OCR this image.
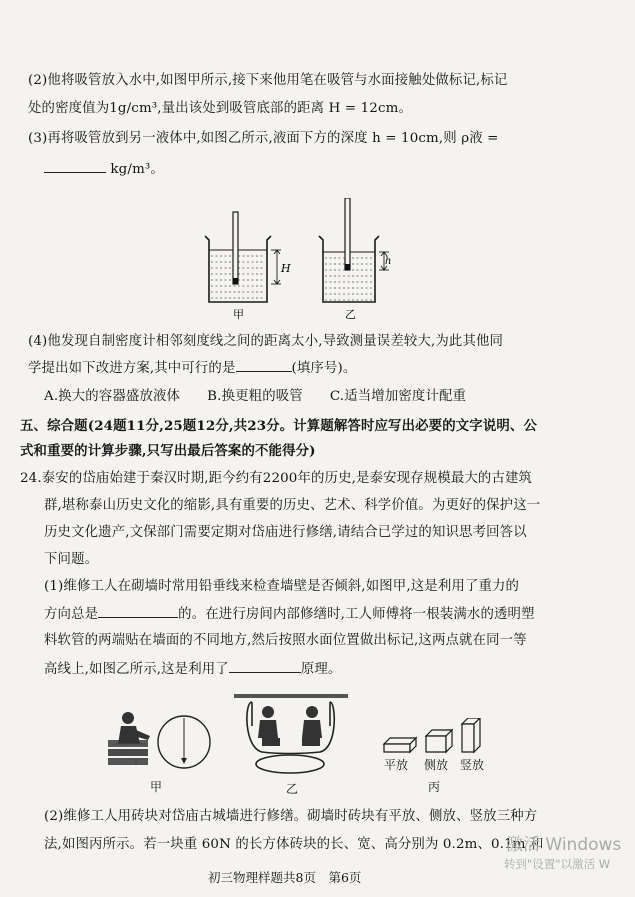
(2)他将吸管放入水中,如图甲所示,接下来他用笔在吸管与水面接触处做标记,标记
处的密度值为1g/cm³,量出该处到吸管底部的距离 H = 12cm。
(3)再将吸管放到另一液体中,如图乙所示,液面下方的深度 h = 10cm,则 ρ液 =
kg/m³。
H
甲
h
乙
(4)他发现自制密度计相邻刻度线之间的距离太小,导致测量误差较大,为此其他同
学提出如下改进方案,其中可行的是	(填序号)。
A.换大的容器盛放液体　　B.换更粗的吸管　　C.适当增加密度计配重
五、综合题(24题11分,25题12分,共23分。计算题解答时应写出必要的文字说明、公
式和重要的计算步骤,只写出最后答案的不能得分)
24.泰安的岱庙始建于秦汉时期,距今约有2200年的历史,是泰安现存规模最大的古建筑
群,堪称泰山历史文化的缩影,具有重要的历史、艺术、科学价值。为更好的保护这一
历史文化遗产,文保部门需要定期对岱庙进行修缮,请结合已学过的知识思考回答以
下问题。
(1)维修工人在砌墙时常用铅垂线来检查墙壁是否倾斜,如图甲,这是利用了重力的
方向总是	的。在进行房间内部修缮时,工人师傅将一根装满水的透明塑
料软管的两端贴在墙面的不同地方,然后按照水面位置做出标记,这两点就在同一等
高线上,如图乙所示,这是利用了	原理。
甲	乙
平放 侧放 竖放
丙
(2)维修工人用砖块对岱庙古城墙进行修缮。砌墙时砖块有平放、侧放、竖放三种方
法,如图丙所示。若一块重 60N 的长方体砖块的长、宽、高分别为 0.2m、0.1m 和
初三物理样题共8页　第6页
激活 Windows
转到"设置"以激活 W
